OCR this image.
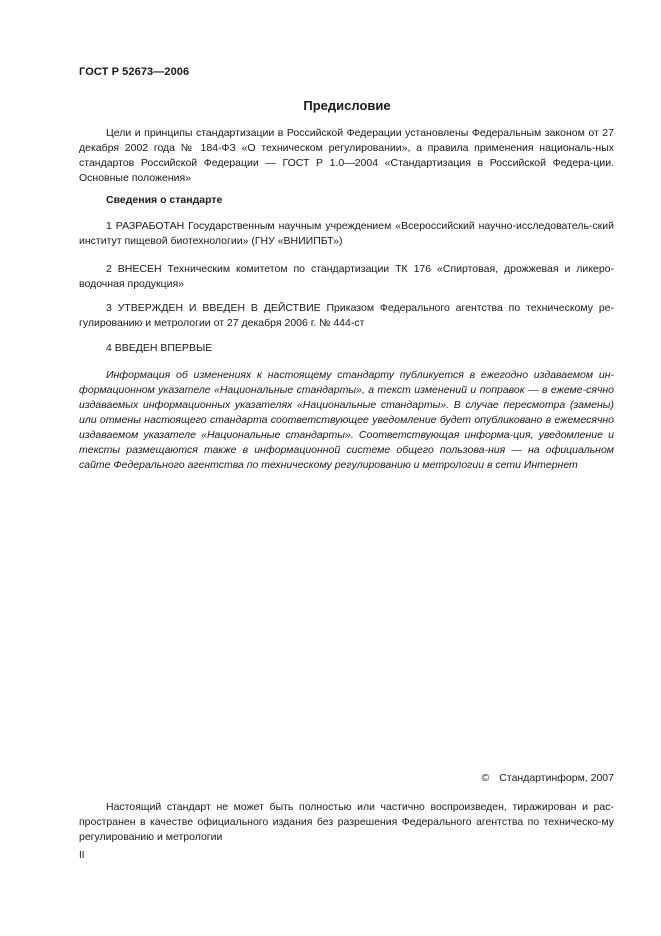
ГОСТ Р 52673—2006
Предисловие
Цели и принципы стандартизации в Российской Федерации установлены Федеральным законом от 27 декабря 2002 года № 184-ФЗ «О техническом регулировании», а правила применения националь-ных стандартов Российской Федерации — ГОСТ Р 1.0—2004 «Стандартизация в Российской Федера-ции. Основные положения»
Сведения о стандарте
1 РАЗРАБОТАН Государственным научным учреждением «Всероссийский научно-исследователь-ский институт пищевой биотехнологии» (ГНУ «ВНИИПБТ»)
2 ВНЕСЕН Техническим комитетом по стандартизации ТК 176 «Спиртовая, дрожжевая и ликеро-водочная продукция»
3 УТВЕРЖДЕН И ВВЕДЕН В ДЕЙСТВИЕ Приказом Федерального агентства по техническому ре-гулированию и метрологии от 27 декабря 2006 г. № 444-ст
4 ВВЕДЕН ВПЕРВЫЕ
Информация об изменениях к настоящему стандарту публикуется в ежегодно издаваемом ин-формационном указателе «Национальные стандарты», а текст изменений и поправок — в ежеме-сячно издаваемых информационных указателях «Национальные стандарты». В случае пересмотра (замены) или отмены настоящего стандарта соответствующее уведомление будет опубликовано в ежемесячно издаваемом указателе «Национальные стандарты». Соответствующая информа-ция, уведомление и тексты размещаются также в информационной системе общего пользова-ния — на официальном сайте Федерального агентства по техническому регулированию и метрологии в сети Интернет
© Стандартинформ, 2007
Настоящий стандарт не может быть полностью или частично воспроизведен, тиражирован и рас-пространен в качестве официального издания без разрешения Федерального агентства по техническо-му регулированию и метрологии
II
